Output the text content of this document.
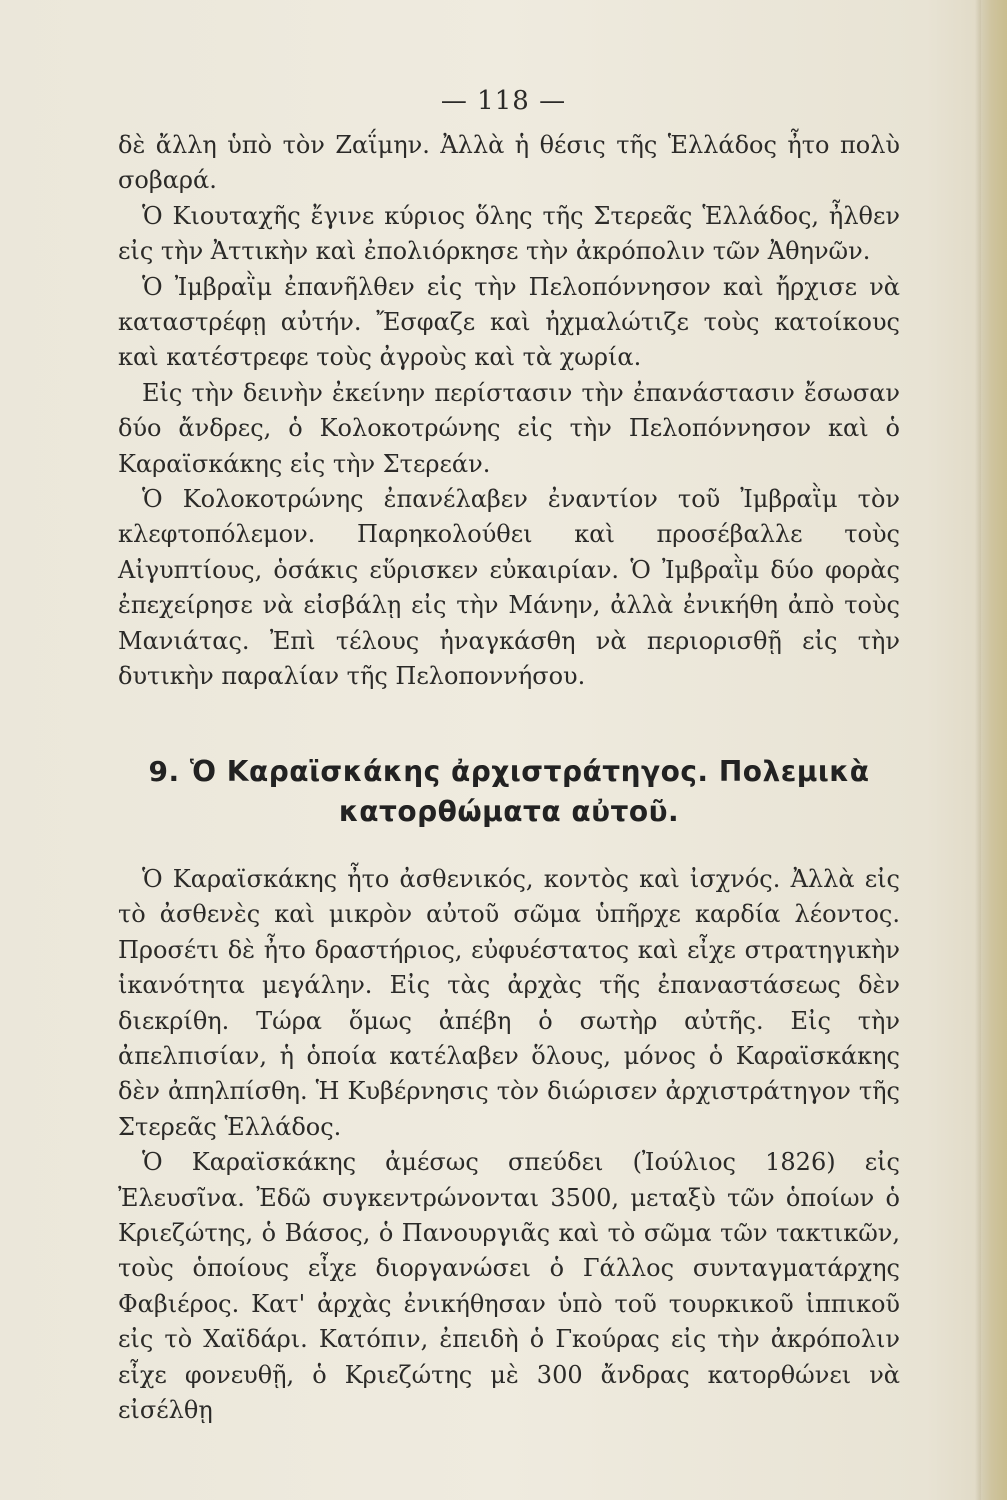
— 118 —

δὲ ἄλλη ὑπὸ τὸν Ζαΐμην. Ἀλλὰ ἡ θέσις τῆς Ἑλλάδος ἦτο πολὺ σοβαρά.

Ὁ Κιουταχῆς ἔγινε κύριος ὅλης τῆς Στερεᾶς Ἑλλάδος, ἦλθεν εἰς τὴν Ἀττικὴν καὶ ἐπολιόρκησε τὴν ἀκρόπολιν τῶν Ἀθηνῶν.

Ὁ Ἰμβραῒμ ἐπανῆλθεν εἰς τὴν Πελοπόννησον καὶ ἤρχισε νὰ καταστρέφῃ αὐτήν. Ἔσφαζε καὶ ἠχμαλώτιζε τοὺς κατοίκους καὶ κατέστρεφε τοὺς ἀγροὺς καὶ τὰ χωρία.

Εἰς τὴν δεινὴν ἐκείνην περίστασιν τὴν ἐπανάστασιν ἔσωσαν δύο ἄνδρες, ὁ Κολοκοτρώνης εἰς τὴν Πελοπόννησον καὶ ὁ Καραϊσκάκης εἰς τὴν Στερεάν.

Ὁ Κολοκοτρώνης ἐπανέλαβεν ἐναντίον τοῦ Ἰμβραῒμ τὸν κλεφτοπόλεμον. Παρηκολούθει καὶ προσέβαλλε τοὺς Αἰγυπτίους, ὁσάκις εὕρισκεν εὐκαιρίαν. Ὁ Ἰμβραῒμ δύο φορὰς ἐπεχείρησε νὰ εἰσβάλῃ εἰς τὴν Μάνην, ἀλλὰ ἐνικήθη ἀπὸ τοὺς Μανιάτας. Ἐπὶ τέλους ἠναγκάσθη νὰ περιορισθῇ εἰς τὴν δυτικὴν παραλίαν τῆς Πελοποννήσου.

9. Ὁ Καραϊσκάκης ἀρχιστράτηγος. Πολεμικὰ
κατορθώματα αὐτοῦ.

Ὁ Καραϊσκάκης ἦτο ἀσθενικός, κοντὸς καὶ ἰσχνός. Ἀλλὰ εἰς τὸ ἀσθενὲς καὶ μικρὸν αὐτοῦ σῶμα ὑπῆρχε καρδία λέοντος. Προσέτι δὲ ἦτο δραστήριος, εὐφυέστατος καὶ εἶχε στρατηγικὴν ἱκανότητα μεγάλην. Εἰς τὰς ἀρχὰς τῆς ἐπαναστάσεως δὲν διεκρίθη. Τώρα ὅμως ἀπέβη ὁ σωτὴρ αὐτῆς. Εἰς τὴν ἀπελπισίαν, ἡ ὁποία κατέλαβεν ὅλους, μόνος ὁ Καραϊσκάκης δὲν ἀπηλπίσθη. Ἡ Κυβέρνησις τὸν διώρισεν ἀρχιστράτηγον τῆς Στερεᾶς Ἑλλάδος.

Ὁ Καραϊσκάκης ἀμέσως σπεύδει (Ἰούλιος 1826) εἰς Ἐλευσῖνα. Ἐδῶ συγκεντρώνονται 3500, μεταξὺ τῶν ὁποίων ὁ Κριεζώτης, ὁ Βάσος, ὁ Πανουργιᾶς καὶ τὸ σῶμα τῶν τακτικῶν, τοὺς ὁποίους εἶχε διοργανώσει ὁ Γάλλος συνταγματάρχης Φαβιέρος. Κατ' ἀρχὰς ἐνικήθησαν ὑπὸ τοῦ τουρκικοῦ ἱππικοῦ εἰς τὸ Χαϊδάρι. Κατόπιν, ἐπειδὴ ὁ Γκούρας εἰς τὴν ἀκρόπολιν εἶχε φονευθῇ, ὁ Κριεζώτης μὲ 300 ἄνδρας κατορθώνει νὰ εἰσέλθῃ
